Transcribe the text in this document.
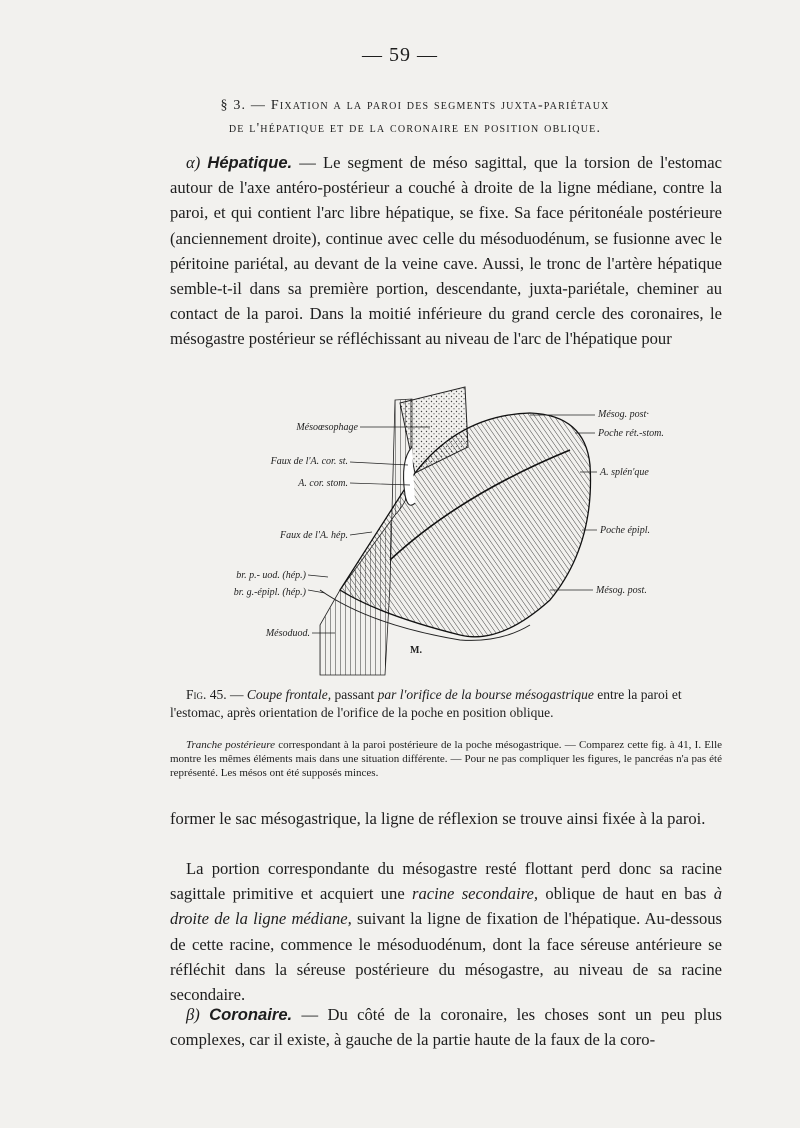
— 59 —
§ 3. — Fixation a la paroi des segments juxta-pariétaux
de l'hépatique et de la coronaire en position oblique.

α) Hépatique. — Le segment de méso sagittal, que la torsion de l'estomac autour de l'axe antéro-postérieur a couché à droite de la ligne médiane, contre la paroi, et qui contient l'arc libre hépatique, se fixe. Sa face péritonéale postérieure (anciennement droite), continue avec celle du mésoduodénum, se fusionne avec le péritoine pariétal, au devant de la veine cave. Aussi, le tronc de l'artère hépatique semble-t-il dans sa première portion, descendante, juxta-pariétale, cheminer au contact de la paroi. Dans la moitié inférieure du grand cercle des coronaires, le mésogastre postérieur se réfléchissant au niveau de l'arc de l'hépatique pour

Mésoœsophage
Faux de l'A. cor. st.
A. cor. stom.
Faux de l'A. hép.
br. p.- uod. (hép.)
br. g.-épipl. (hép.)
Mésoduod.
Mésog. post·
Poche rét.-stom.
A. splén'que
Poche épipl.
Mésog. post.
M.

Fig. 45. — Coupe frontale, passant par l'orifice de la bourse mésogastrique entre la paroi et l'estomac, après orientation de l'orifice de la poche en position oblique.

Tranche postérieure correspondant à la paroi postérieure de la poche mésogastrique. — Comparez cette fig. à 41, I. Elle montre les mêmes éléments mais dans une situation différente. — Pour ne pas compliquer les figures, le pancréas n'a pas été représenté. Les mésos ont été supposés minces.

former le sac mésogastrique, la ligne de réflexion se trouve ainsi fixée à la paroi.

La portion correspondante du mésogastre resté flottant perd donc sa racine sagittale primitive et acquiert une racine secondaire, oblique de haut en bas à droite de la ligne médiane, suivant la ligne de fixation de l'hépatique. Au-dessous de cette racine, commence le mésoduodénum, dont la face séreuse antérieure se réfléchit dans la séreuse postérieure du mésogastre, au niveau de sa racine secondaire.

β) Coronaire. — Du côté de la coronaire, les choses sont un peu plus complexes, car il existe, à gauche de la partie haute de la faux de la coro-
